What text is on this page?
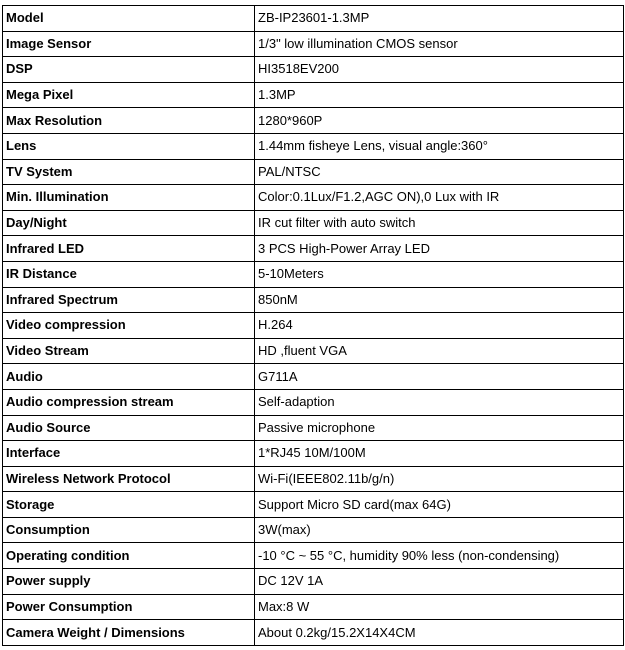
Model	ZB-IP23601-1.3MP
Image Sensor	1/3" low illumination CMOS sensor
DSP	HI3518EV200
Mega Pixel	1.3MP
Max Resolution	1280*960P
Lens	1.44mm fisheye Lens, visual angle:360°
TV System	PAL/NTSC
Min. Illumination	Color:0.1Lux/F1.2,AGC ON),0 Lux with IR
Day/Night	IR cut filter with auto switch
Infrared LED	3 PCS High-Power Array LED
IR Distance	5-10Meters
Infrared Spectrum	850nM
Video compression	H.264
Video Stream	HD ,fluent VGA
Audio	G711A
Audio compression stream	Self-adaption
Audio Source	Passive microphone
Interface	1*RJ45 10M/100M
Wireless Network Protocol	Wi-Fi(IEEE802.11b/g/n)
Storage	Support Micro SD card(max 64G)
Consumption	3W(max)
Operating condition	-10 °C ~ 55 °C, humidity 90% less (non-condensing)
Power supply	DC 12V 1A
Power Consumption	Max:8 W
Camera Weight / Dimensions	About 0.2kg/15.2X14X4CM
